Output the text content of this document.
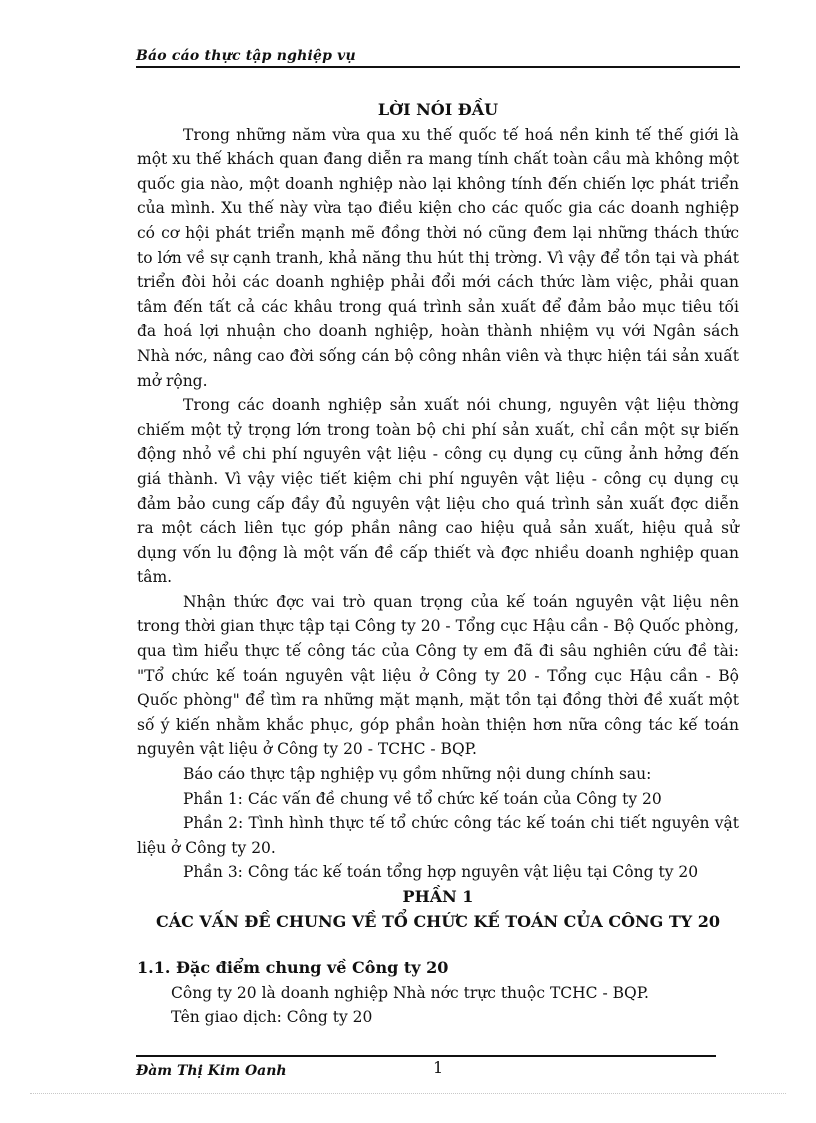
Báo cáo thực tập nghiệp vụ

LỜI NÓI ĐẦU

Trong những năm vừa qua xu thế quốc tế hoá nền kinh tế thế giới là một xu thế khách quan đang diễn ra mang tính chất toàn cầu mà không một quốc gia nào, một doanh nghiệp nào lại không tính đến chiến lợc phát triển của mình. Xu thế này vừa tạo điều kiện cho các quốc gia các doanh nghiệp có cơ hội phát triển mạnh mẽ đồng thời nó cũng đem lại những thách thức to lớn về sự cạnh tranh, khả năng thu hút thị trờng. Vì vậy để tồn tại và phát triển đòi hỏi các doanh nghiệp phải đổi mới cách thức làm việc, phải quan tâm đến tất cả các khâu trong quá trình sản xuất để đảm bảo mục tiêu tối đa hoá lợi nhuận cho doanh nghiệp, hoàn thành nhiệm vụ với Ngân sách Nhà nớc, nâng cao đời sống cán bộ công nhân viên và thực hiện tái sản xuất mở rộng.

Trong các doanh nghiệp sản xuất nói chung, nguyên vật liệu thờng chiếm một tỷ trọng lớn trong toàn bộ chi phí sản xuất, chỉ cần một sự biến động nhỏ về chi phí nguyên vật liệu - công cụ dụng cụ cũng ảnh hởng đến giá thành. Vì vậy việc tiết kiệm chi phí nguyên vật liệu - công cụ dụng cụ đảm bảo cung cấp đầy đủ nguyên vật liệu cho quá trình sản xuất đợc diễn ra một cách liên tục góp phần nâng cao hiệu quả sản xuất, hiệu quả sử dụng vốn lu động là một vấn đề cấp thiết và đợc nhiều doanh nghiệp quan tâm.

Nhận thức đợc vai trò quan trọng của kế toán nguyên vật liệu nên trong thời gian thực tập tại Công ty 20 - Tổng cục Hậu cần - Bộ Quốc phòng, qua tìm hiểu thực tế công tác của Công ty em đã đi sâu nghiên cứu đề tài: "Tổ chức kế toán nguyên vật liệu ở Công ty 20 - Tổng cục Hậu cần - Bộ Quốc phòng" để tìm ra những mặt mạnh, mặt tồn tại đồng thời đề xuất một số ý kiến nhằm khắc phục, góp phần hoàn thiện hơn nữa công tác kế toán nguyên vật liệu ở Công ty 20 - TCHC - BQP.

Báo cáo thực tập nghiệp vụ gồm những nội dung chính sau:

Phần 1: Các vấn đề chung về tổ chức kế toán của Công ty 20

Phần 2: Tình hình thực tế tổ chức công tác kế toán chi tiết nguyên vật liệu ở Công ty 20.

Phần 3: Công tác kế toán tổng hợp nguyên vật liệu tại Công ty 20

PHẦN 1

CÁC VẤN ĐỀ CHUNG VỀ TỔ CHỨC KẾ TOÁN CỦA CÔNG TY 20

1.1. Đặc điểm chung về Công ty 20

Công ty 20 là doanh nghiệp Nhà nớc trực thuộc TCHC - BQP.

Tên giao dịch: Công ty 20

Đàm Thị Kim Oanh	1
